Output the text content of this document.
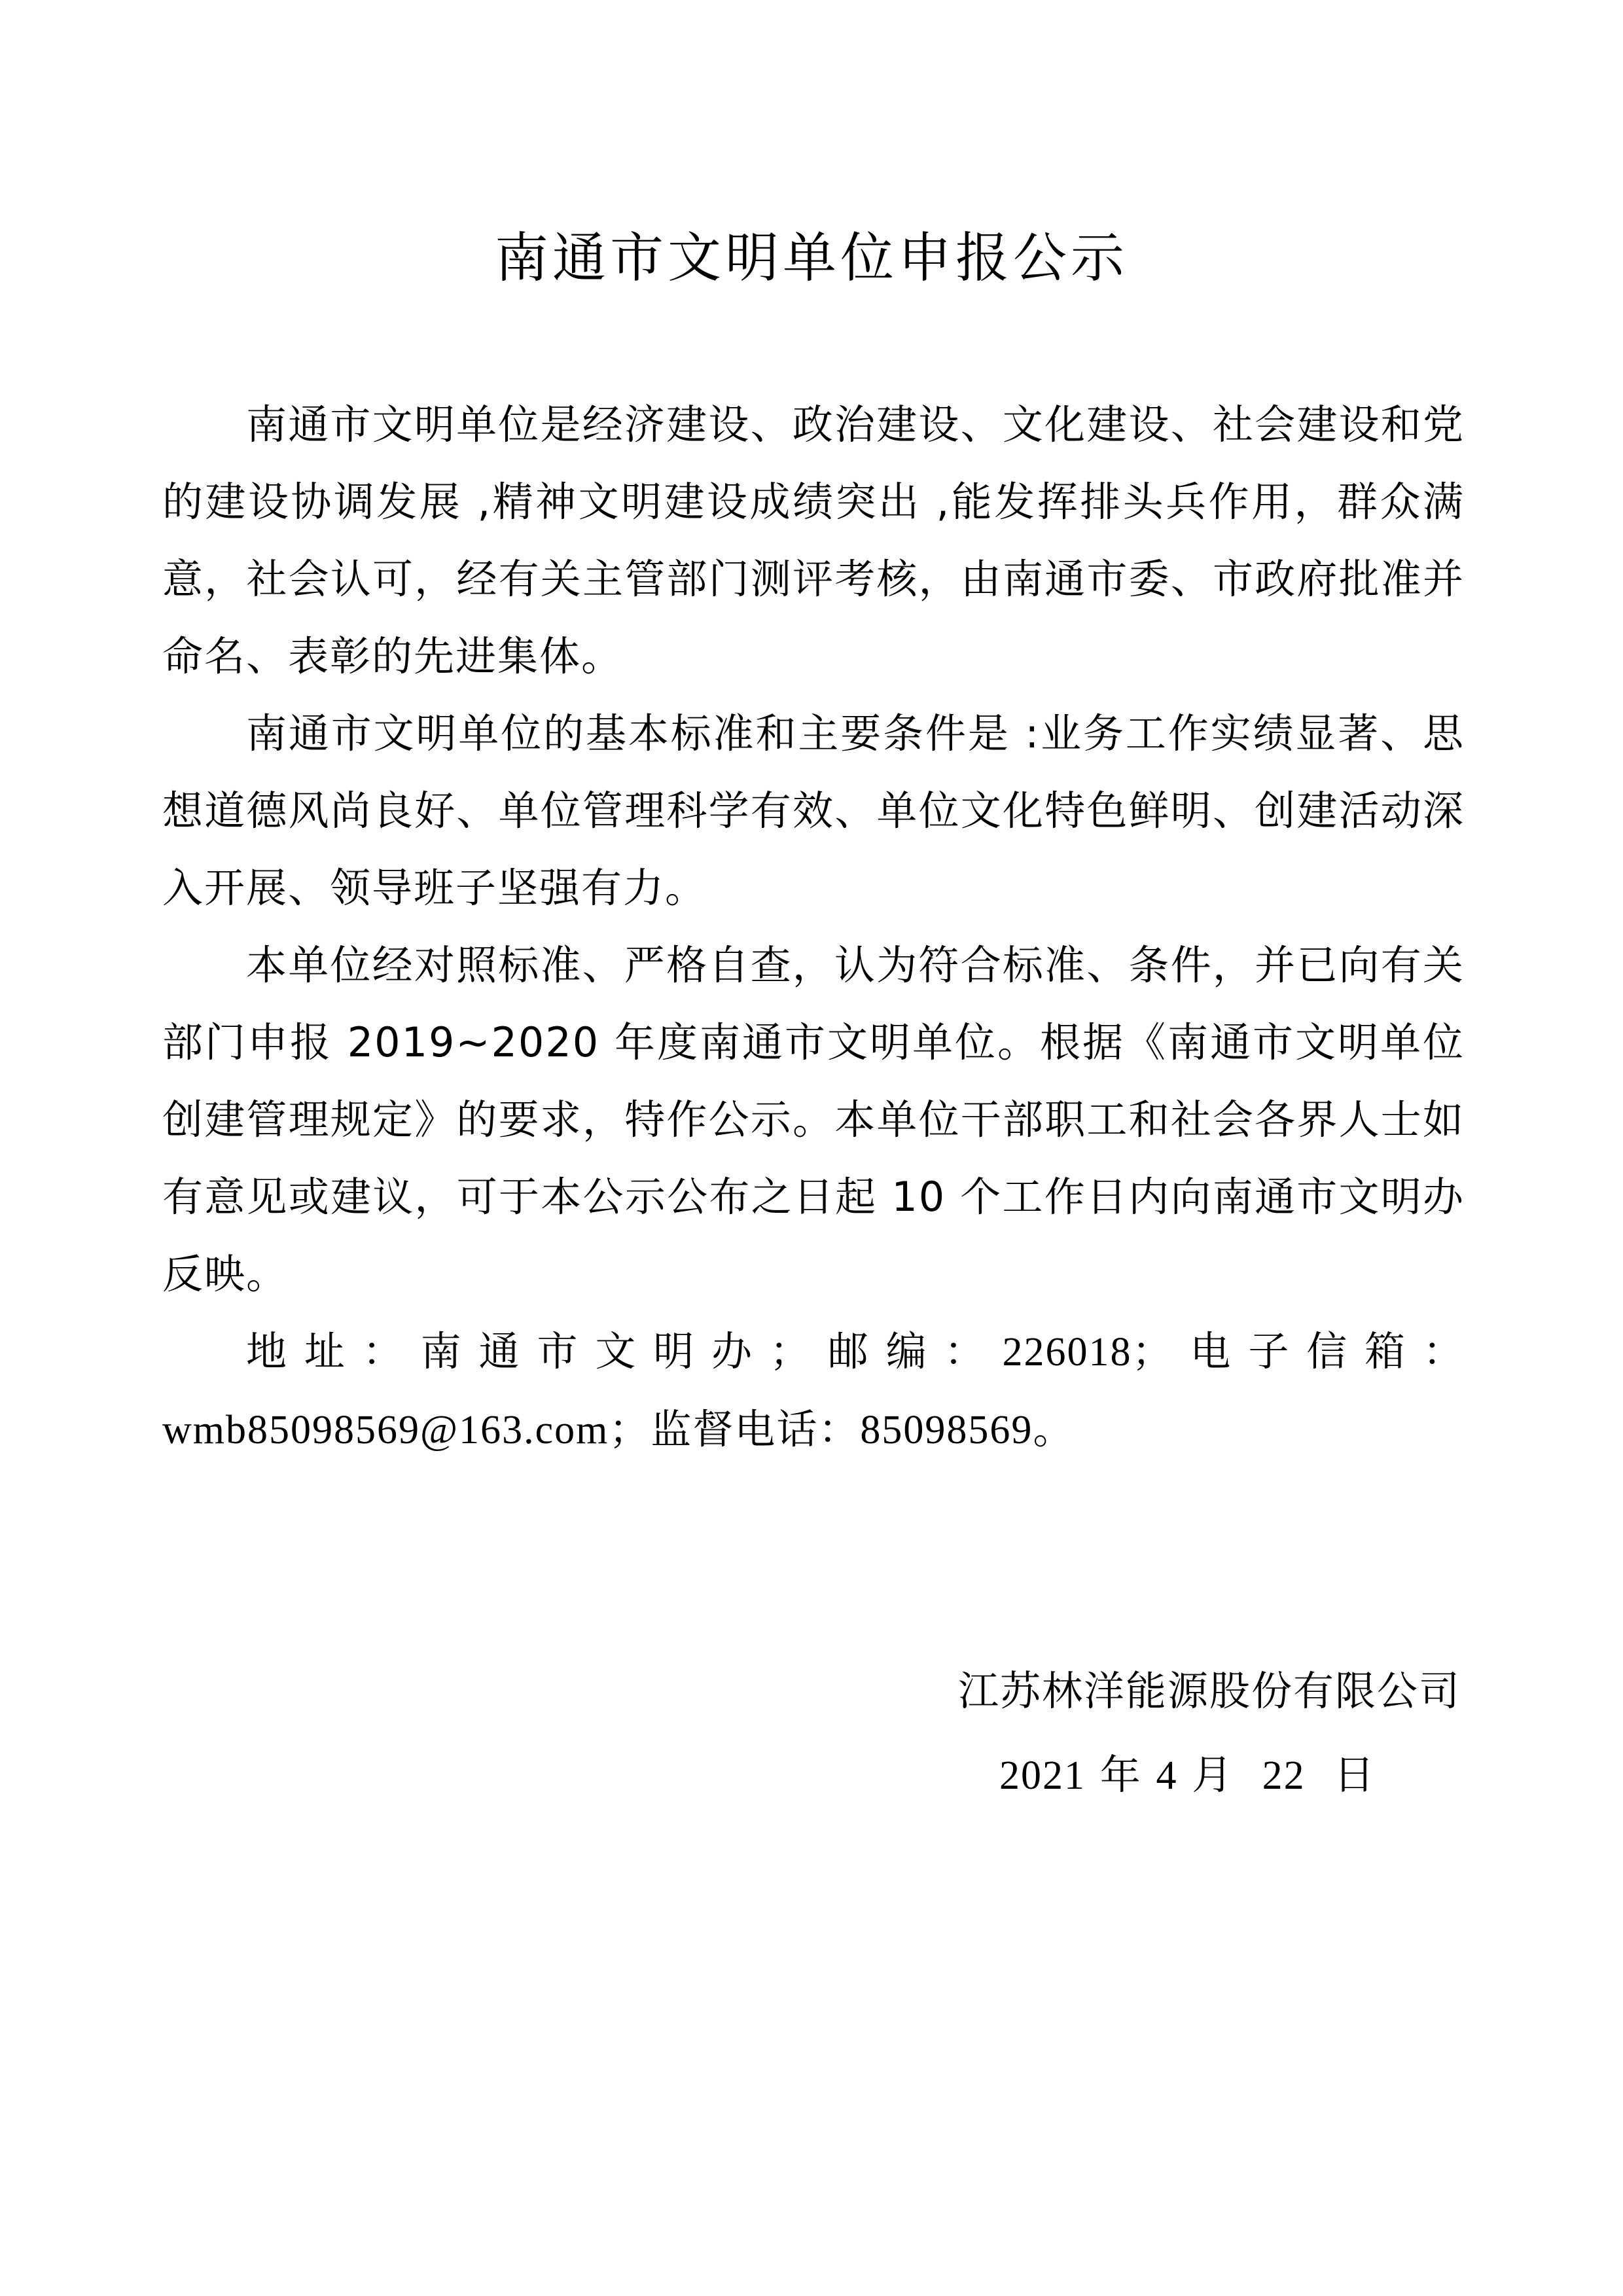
南通市文明单位申报公示

南通市文明单位是经济建设、政治建设、文化建设、社会建设和党的建设协调发展 ,精神文明建设成绩突出 ,能发挥排头兵作用，群众满意，社会认可，经有关主管部门测评考核，由南通市委、市政府批准并命名、表彰的先进集体。

南通市文明单位的基本标准和主要条件是 :业务工作实绩显著、思想道德风尚良好、单位管理科学有效、单位文化特色鲜明、创建活动深入开展、领导班子坚强有力。

本单位经对照标准、严格自查，认为符合标准、条件，并已向有关部门申报 2019~2020 年度南通市文明单位。根据《南通市文明单位创建管理规定》的要求，特作公示。本单位干部职工和社会各界人士如有意见或建议，可于本公示公布之日起 10 个工作日内向南通市文明办反映。

地址：南通市文明办；邮编：226018；电子信箱：wmb85098569@163.com；监督电话：85098569。

江苏林洋能源股份有限公司
2021 年 4 月  22  日
